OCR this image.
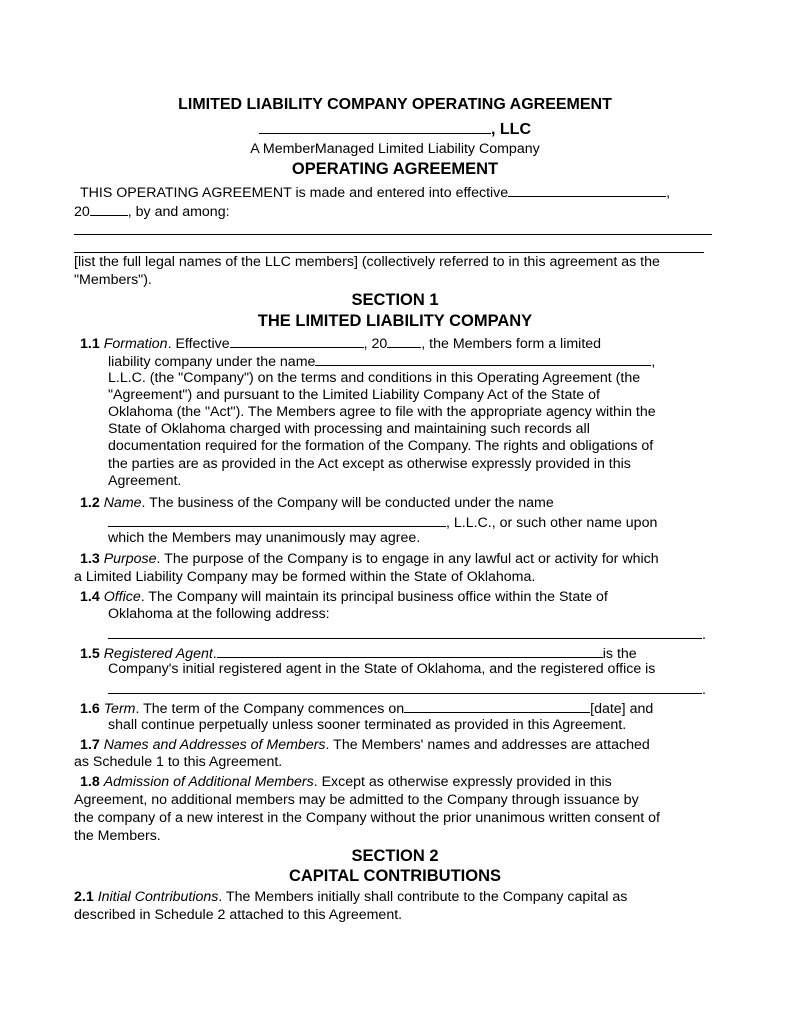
LIMITED LIABILITY COMPANY OPERATING AGREEMENT
, LLC
A MemberManaged Limited Liability Company
OPERATING AGREEMENT
THIS OPERATING AGREEMENT is made and entered into effective	,
20	, by and among:
[list the full legal names of the LLC members] (collectively referred to in this agreement as the
"Members").
SECTION 1
THE LIMITED LIABILITY COMPANY
1.1 Formation. Effective	, 20 , the Members form a limited
liability company under the name	,
L.L.C. (the "Company") on the terms and conditions in this Operating Agreement (the
"Agreement") and pursuant to the Limited Liability Company Act of the State of
Oklahoma (the "Act"). The Members agree to file with the appropriate agency within the
State of Oklahoma charged with processing and maintaining such records all
documentation required for the formation of the Company. The rights and obligations of
the parties are as provided in the Act except as otherwise expressly provided in this
Agreement.
1.2 Name. The business of the Company will be conducted under the name
, L.L.C., or such other name upon
which the Members may unanimously may agree.
1.3 Purpose. The purpose of the Company is to engage in any lawful act or activity for which
a Limited Liability Company may be formed within the State of Oklahoma.
1.4 Office. The Company will maintain its principal business office within the State of
Oklahoma at the following address:
.
1.5 Registered Agent.	is the
Company's initial registered agent in the State of Oklahoma, and the registered office is
.
1.6 Term. The term of the Company commences on	[date] and
shall continue perpetually unless sooner terminated as provided in this Agreement.
1.7 Names and Addresses of Members. The Members' names and addresses are attached
as Schedule 1 to this Agreement.
1.8 Admission of Additional Members. Except as otherwise expressly provided in this
Agreement, no additional members may be admitted to the Company through issuance by
the company of a new interest in the Company without the prior unanimous written consent of
the Members.
SECTION 2
CAPITAL CONTRIBUTIONS
2.1 Initial Contributions. The Members initially shall contribute to the Company capital as
described in Schedule 2 attached to this Agreement.
